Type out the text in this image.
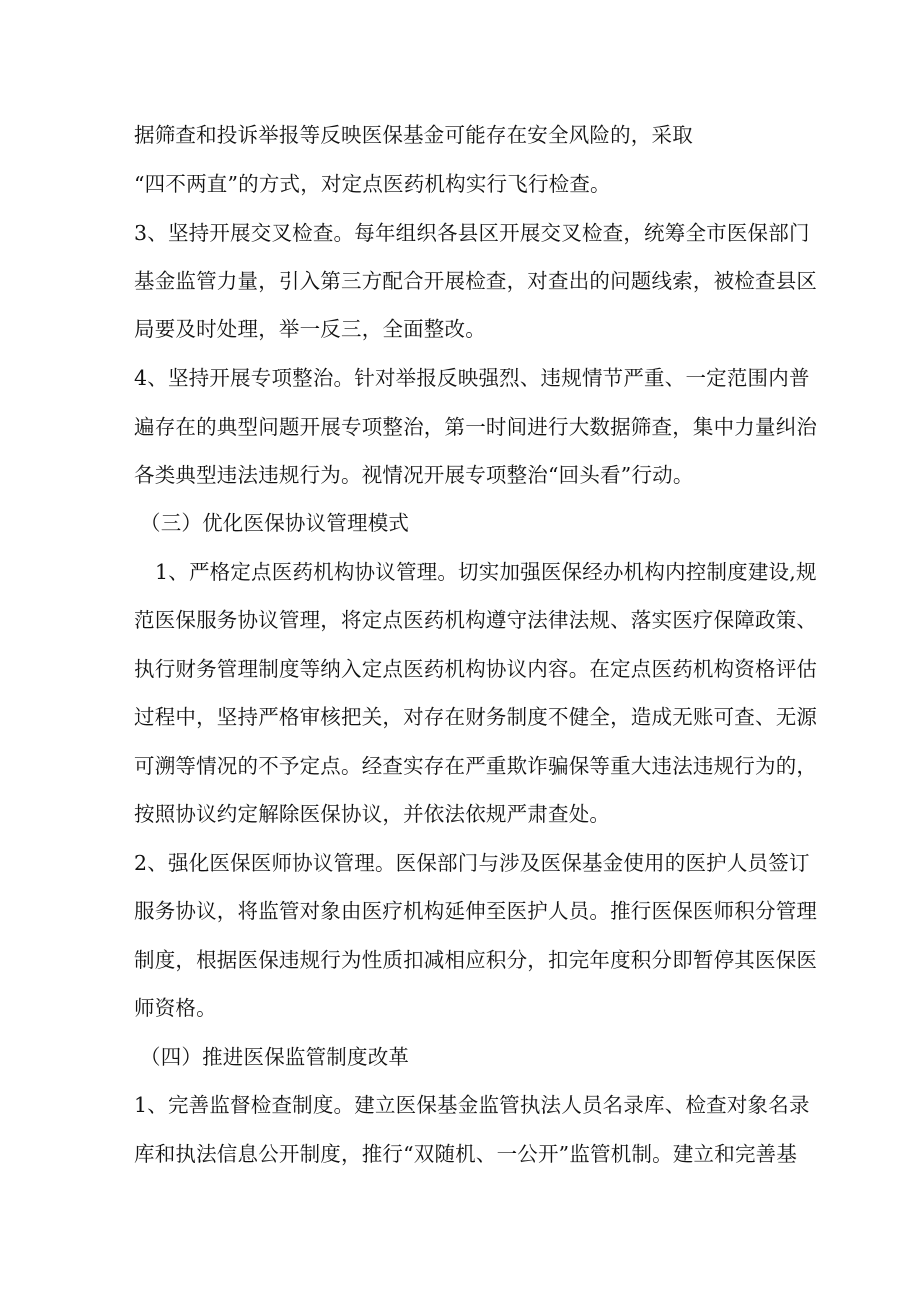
据筛查和投诉举报等反映医保基金可能存在安全风险的，采取
“四不两直”的方式，对定点医药机构实行飞行检查。
3、坚持开展交叉检查。每年组织各县区开展交叉检查，统筹全市医保部门
基金监管力量，引入第三方配合开展检查，对查出的问题线索，被检查县区
局要及时处理，举一反三，全面整改。
4、坚持开展专项整治。针对举报反映强烈、违规情节严重、一定范围内普
遍存在的典型问题开展专项整治，第一时间进行大数据筛查，集中力量纠治
各类典型违法违规行为。视情况开展专项整治“回头看”行动。
（三）优化医保协议管理模式
1、严格定点医药机构协议管理。切实加强医保经办机构内控制度建设,规
范医保服务协议管理，将定点医药机构遵守法律法规、落实医疗保障政策、
执行财务管理制度等纳入定点医药机构协议内容。在定点医药机构资格评估
过程中，坚持严格审核把关，对存在财务制度不健全，造成无账可查、无源
可溯等情况的不予定点。经查实存在严重欺诈骗保等重大违法违规行为的，
按照协议约定解除医保协议，并依法依规严肃查处。
2、强化医保医师协议管理。医保部门与涉及医保基金使用的医护人员签订
服务协议，将监管对象由医疗机构延伸至医护人员。推行医保医师积分管理
制度，根据医保违规行为性质扣减相应积分，扣完年度积分即暂停其医保医
师资格。
（四）推进医保监管制度改革
1、完善监督检查制度。建立医保基金监管执法人员名录库、检查对象名录
库和执法信息公开制度，推行“双随机、一公开”监管机制。建立和完善基
